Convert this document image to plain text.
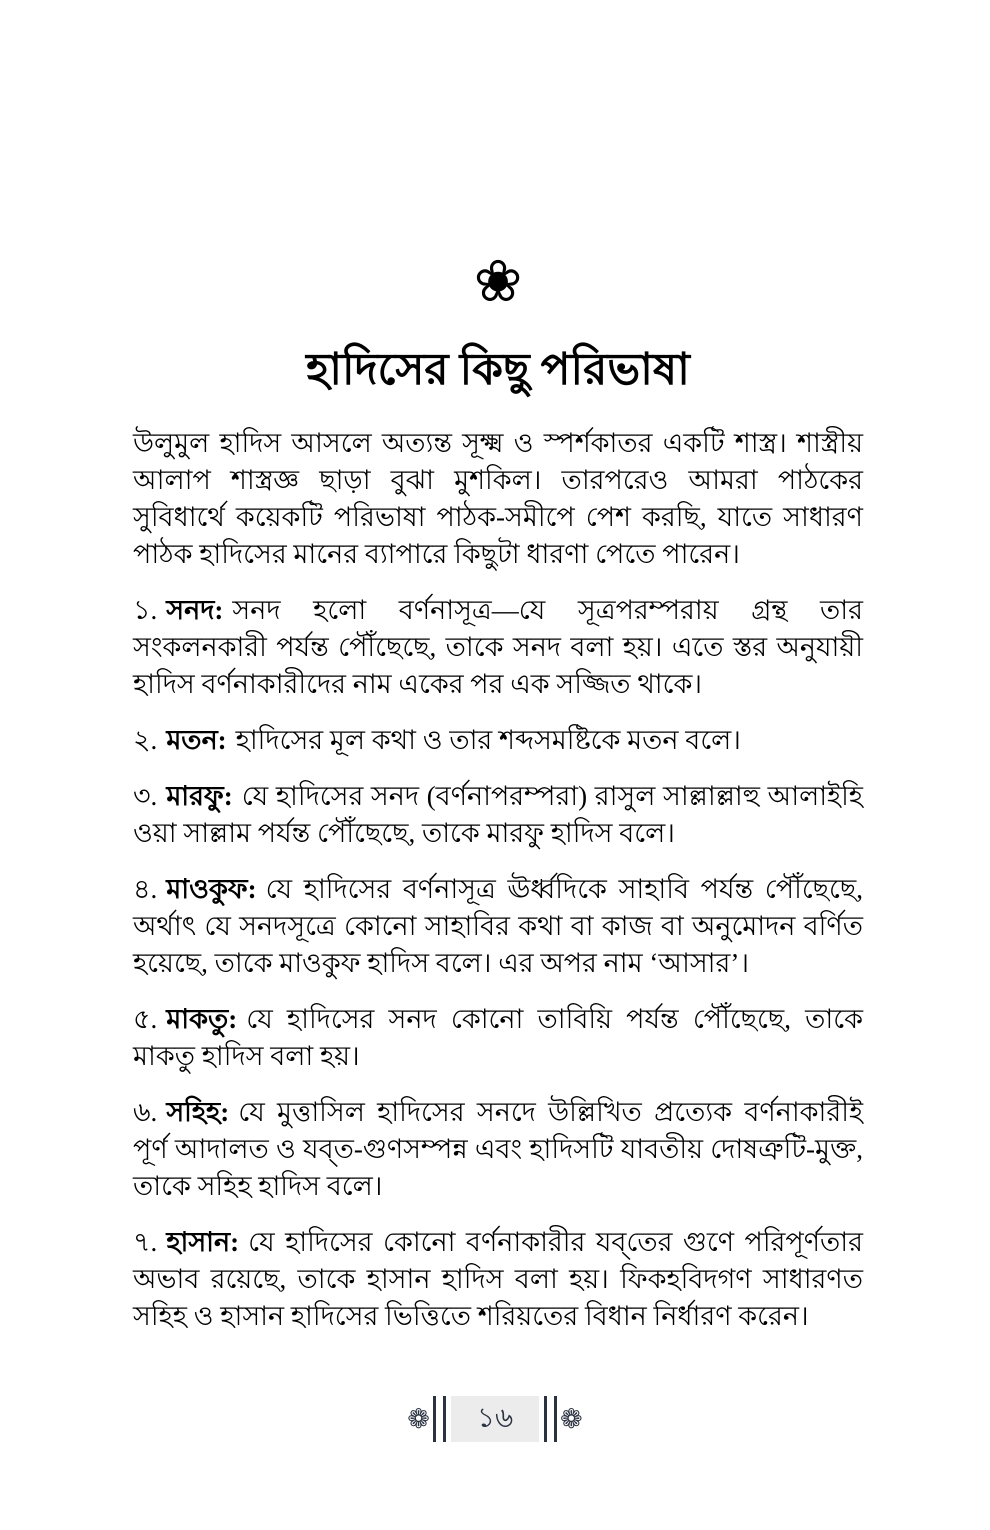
❀
হাদিসের কিছু পরিভাষা

উলুমুল হাদিস আসলে অত্যন্ত সূক্ষ্ম ও স্পর্শকাতর একটি শাস্ত্র। শাস্ত্রীয় আলাপ শাস্ত্রজ্ঞ ছাড়া বুঝা মুশকিল। তারপরেও আমরা পাঠকের সুবিধার্থে কয়েকটি পরিভাষা পাঠক-সমীপে পেশ করছি, যাতে সাধারণ পাঠক হাদিসের মানের ব্যাপারে কিছুটা ধারণা পেতে পারেন।

১. সনদ: সনদ হলো বর্ণনাসূত্র—যে সূত্রপরম্পরায় গ্রন্থ তার সংকলনকারী পর্যন্ত পৌঁছেছে, তাকে সনদ বলা হয়। এতে স্তর অনুযায়ী হাদিস বর্ণনাকারীদের নাম একের পর এক সজ্জিত থাকে।

২. মতন: হাদিসের মূল কথা ও তার শব্দসমষ্টিকে মতন বলে।

৩. মারফু: যে হাদিসের সনদ (বর্ণনাপরম্পরা) রাসুল সাল্লাল্লাহু আলাইহি ওয়া সাল্লাম পর্যন্ত পৌঁছেছে, তাকে মারফু হাদিস বলে।

৪. মাওকুফ: যে হাদিসের বর্ণনাসূত্র ঊর্ধ্বদিকে সাহাবি পর্যন্ত পৌঁছেছে, অর্থাৎ যে সনদসূত্রে কোনো সাহাবির কথা বা কাজ বা অনুমোদন বর্ণিত হয়েছে, তাকে মাওকুফ হাদিস বলে। এর অপর নাম ‘আসার’।

৫. মাকতু: যে হাদিসের সনদ কোনো তাবিয়ি পর্যন্ত পৌঁছেছে, তাকে মাকতু হাদিস বলা হয়।

৬. সহিহ: যে মুত্তাসিল হাদিসের সনদে উল্লিখিত প্রত্যেক বর্ণনাকারীই পূর্ণ আদালত ও যব্‌ত-গুণসম্পন্ন এবং হাদিসটি যাবতীয় দোষত্রুটি-মুক্ত, তাকে সহিহ হাদিস বলে।

৭. হাসান: যে হাদিসের কোনো বর্ণনাকারীর যব্‌তের গুণে পরিপূর্ণতার অভাব রয়েছে, তাকে হাসান হাদিস বলা হয়। ফিকহবিদগণ সাধারণত সহিহ ও হাসান হাদিসের ভিত্তিতে শরিয়তের বিধান নির্ধারণ করেন।

❁	১৬	❁
